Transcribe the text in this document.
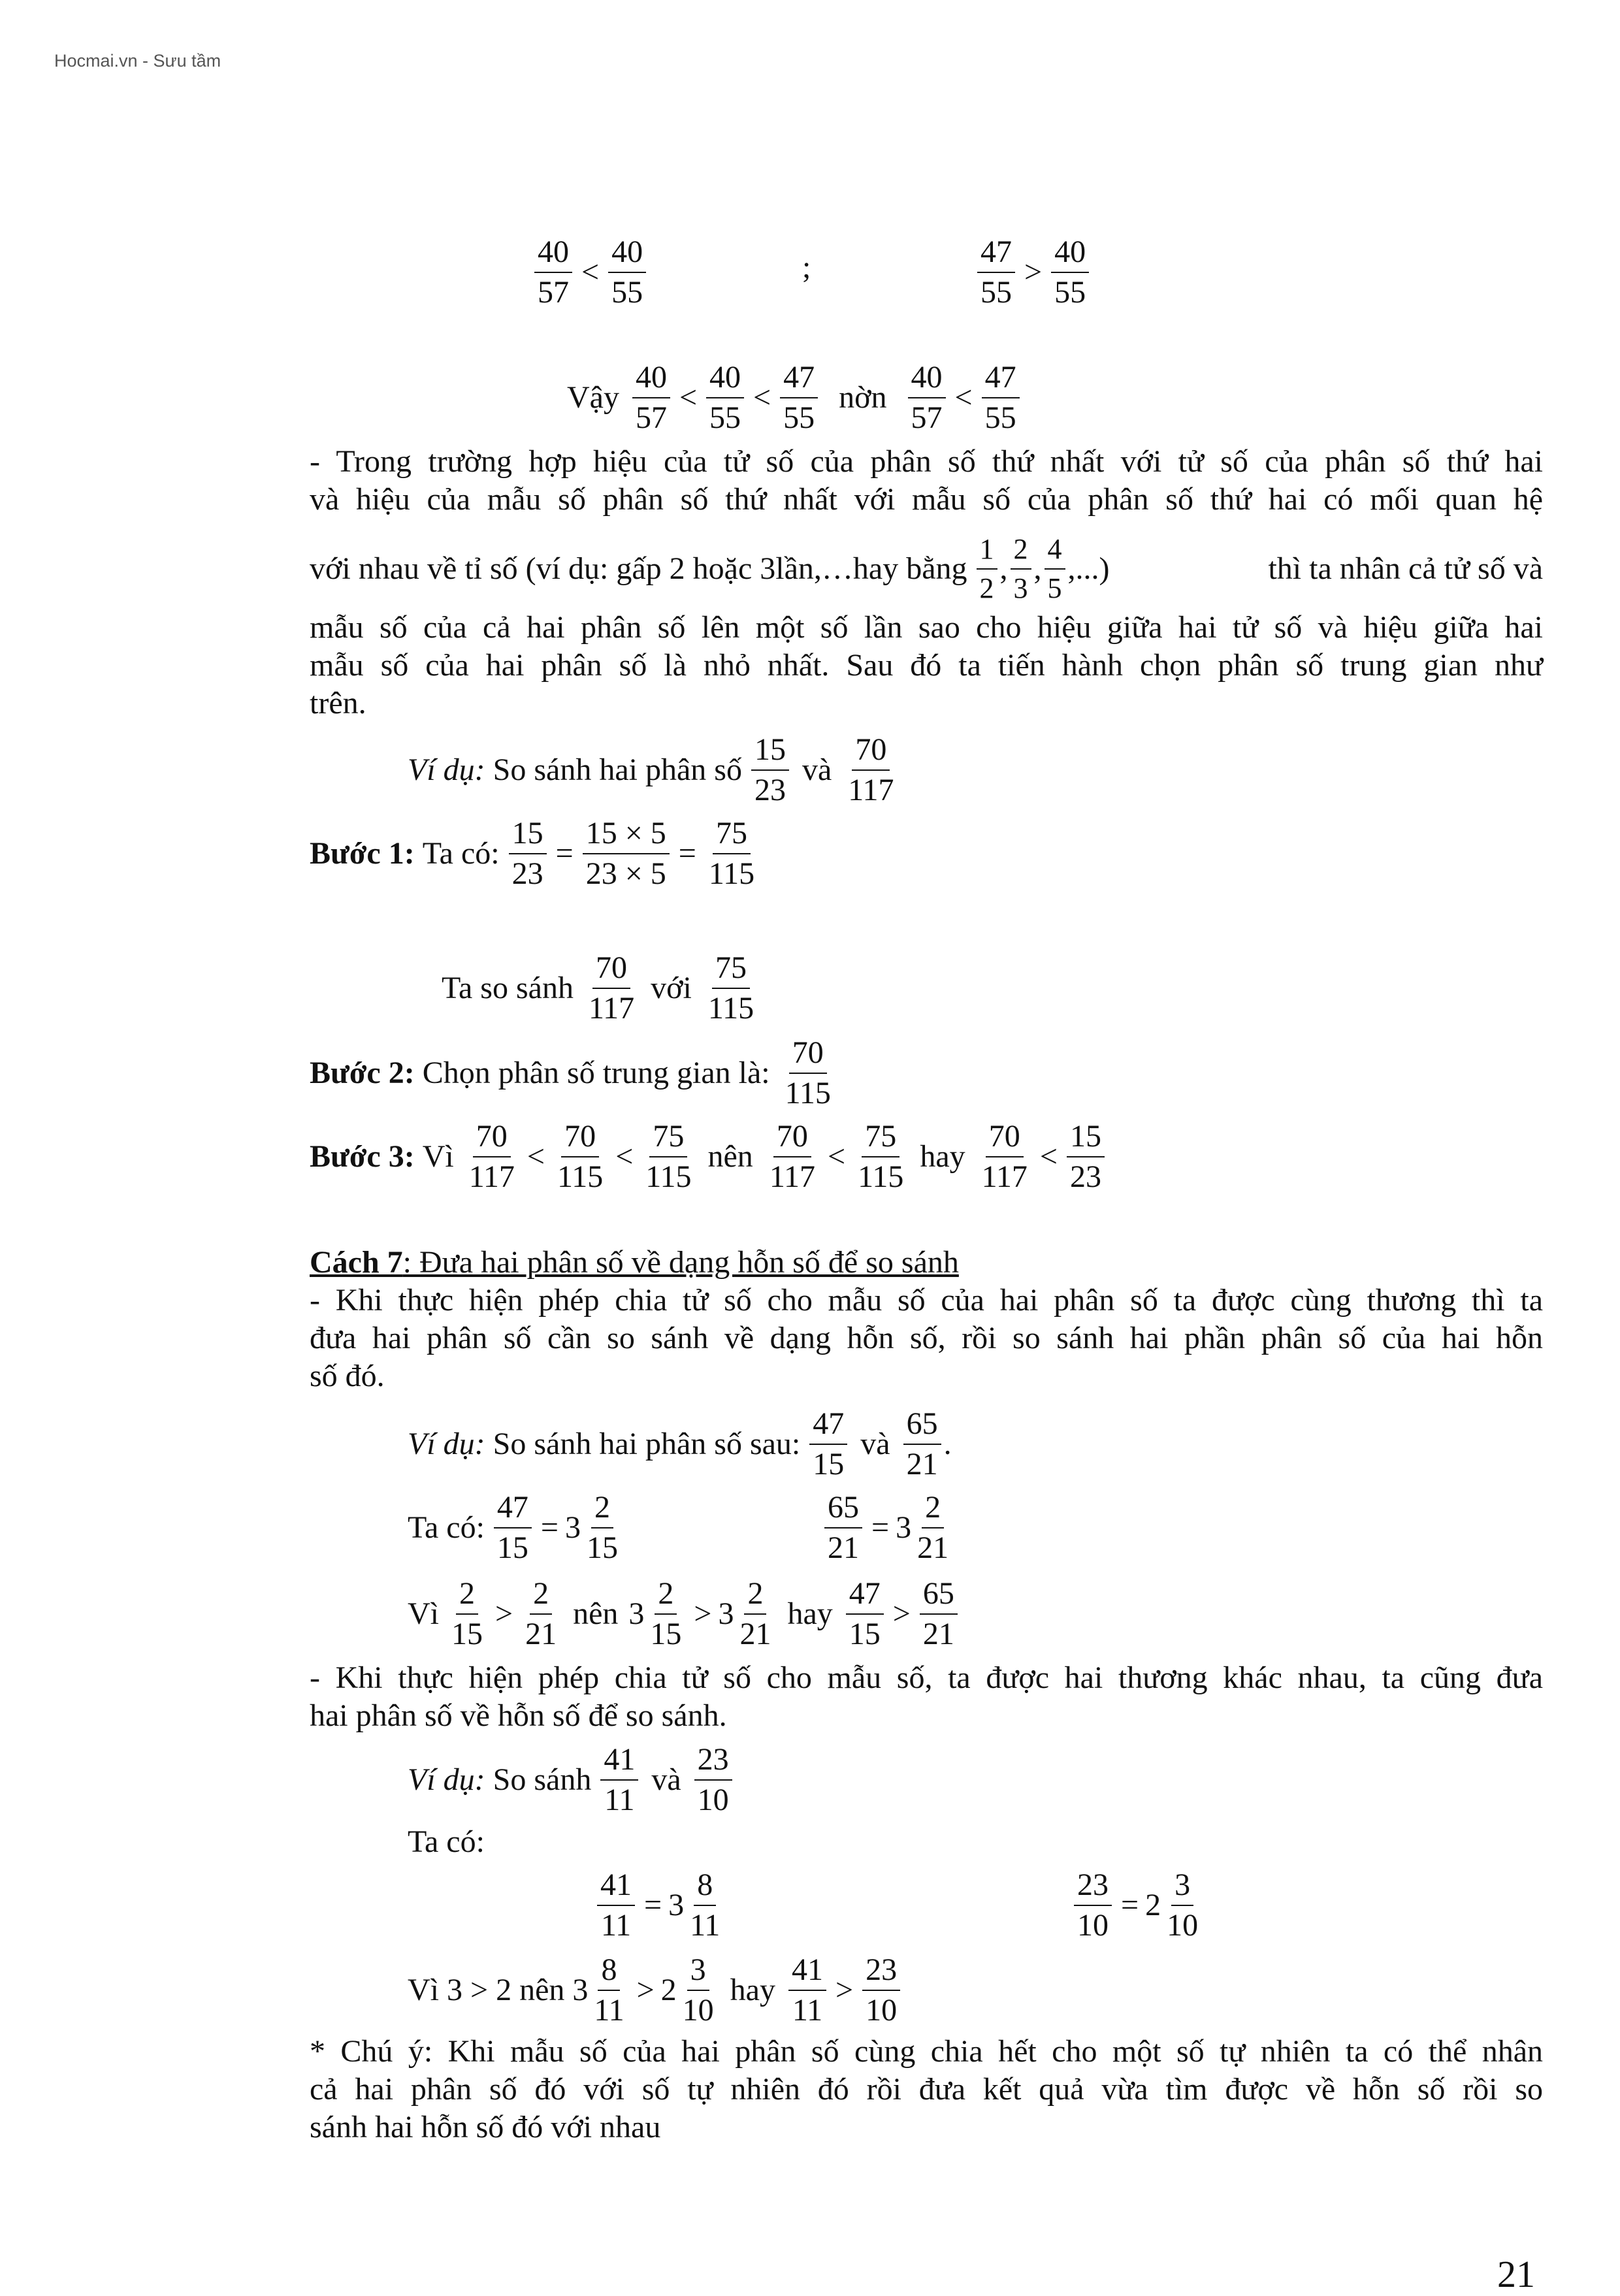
Hocmai.vn - Sưu tầm
$\frac{40}{57} < \frac{40}{55}$	;	$\frac{47}{55} > \frac{40}{55}$
Vậy $\frac{40}{57} < \frac{40}{55} < \frac{47}{55}$ nờn $\frac{40}{57} < \frac{47}{55}$
- Trong trường hợp hiệu của tử số của phân số thứ nhất với tử số của phân số thứ hai
và hiệu của mẫu số phân số thứ nhất với mẫu số của phân số thứ hai có mối quan hệ
với nhau về tỉ số (ví dụ: gấp 2 hoặc 3lần,…hay bằng $\frac{1}{2}$ , $\frac{2}{3}$ , $\frac{4}{5}$ ,...)	thì ta nhân cả tử số và
mẫu số của cả hai phân số lên một số lần sao cho hiệu giữa hai tử số và hiệu giữa hai
mẫu số của hai phân số là nhỏ nhất. Sau đó ta tiến hành chọn phân số trung gian như
trên.
Ví dụ: So sánh hai phân số $\frac{15}{23}$ và $\frac{70}{117}$
Bước 1: Ta có: $\frac{15}{23} = \frac{15 \times 5}{23 \times 5} = \frac{75}{115}$
Ta so sánh $\frac{70}{117}$ với $\frac{75}{115}$
Bước 2: Chọn phân số trung gian là: $\frac{70}{115}$
Bước 3: Vì $\frac{70}{117} < \frac{70}{115} < \frac{75}{115}$ nên $\frac{70}{117} < \frac{75}{115}$ hay $\frac{70}{117} < \frac{15}{23}$
Cách 7: Đưa hai phân số về dạng hỗn số để so sánh
- Khi thực hiện phép chia tử số cho mẫu số của hai phân số ta được cùng thương thì ta
đưa hai phân số cần so sánh về dạng hỗn số, rồi so sánh hai phần phân số của hai hỗn
số đó.
Ví dụ: So sánh hai phân số sau: $\frac{47}{15}$ và $\frac{65}{21}$ .
Ta có: $\frac{47}{15} = 3 \frac{2}{15}$	$\frac{65}{21} = 3 \frac{2}{21}$
Vì $\frac{2}{15} > \frac{2}{21}$ nên $3 \frac{2}{15} > 3 \frac{2}{21}$ hay $\frac{47}{15} > \frac{65}{21}$
- Khi thực hiện phép chia tử số cho mẫu số, ta được hai thương khác nhau, ta cũng đưa
hai phân số về hỗn số để so sánh.
Ví dụ: So sánh $\frac{41}{11}$ và $\frac{23}{10}$
Ta có:
$\frac{41}{11} = 3 \frac{8}{11}$	$\frac{23}{10} = 2 \frac{3}{10}$
Vì 3 > 2 nên $3 \frac{8}{11} > 2 \frac{3}{10}$ hay $\frac{41}{11} > \frac{23}{10}$
* Chú ý: Khi mẫu số của hai phân số cùng chia hết cho một số tự nhiên ta có thể nhân
cả hai phân số đó với số tự nhiên đó rồi đưa kết quả vừa tìm được về hỗn số rồi so
sánh hai hỗn số đó với nhau
21
